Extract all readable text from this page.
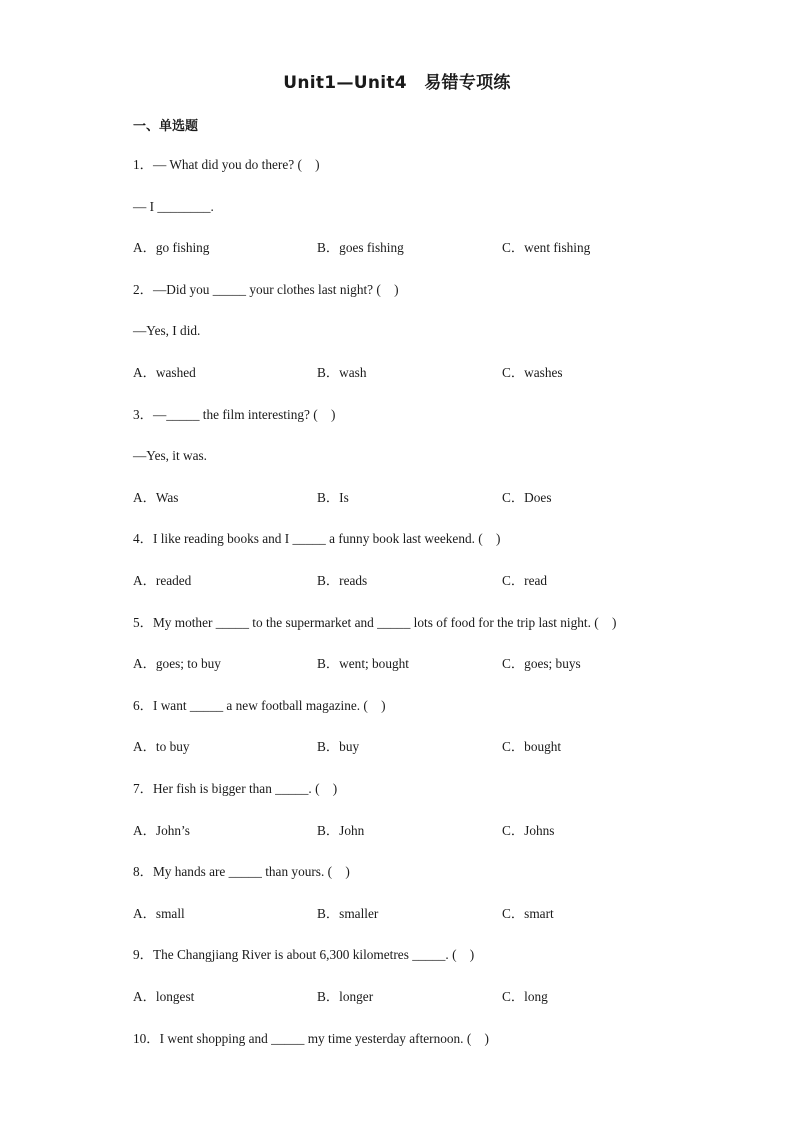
Unit1—Unit4　易错专项练
一、单选题
1．— What did you do there? (　)
— I ________.
A．go fishing	B．goes fishing	C．went fishing
2．—Did you _____ your clothes last night? (　)
—Yes, I did.
A．washed	B．wash	C．washes
3．—_____ the film interesting? (　)
—Yes, it was.
A．Was	B．Is	C．Does
4．I like reading books and I _____ a funny book last weekend. (　)
A．readed	B．reads	C．read
5．My mother _____ to the supermarket and _____ lots of food for the trip last night. (　)
A．goes; to buy	B．went; bought	C．goes; buys
6．I want _____ a new football magazine. (　)
A．to buy	B．buy	C．bought
7．Her fish is bigger than _____. (　)
A．John’s	B．John	C．Johns
8．My hands are _____ than yours. (　)
A．small	B．smaller	C．smart
9．The Changjiang River is about 6,300 kilometres _____. (　)
A．longest	B．longer	C．long
10．I went shopping and _____ my time yesterday afternoon. (　)
